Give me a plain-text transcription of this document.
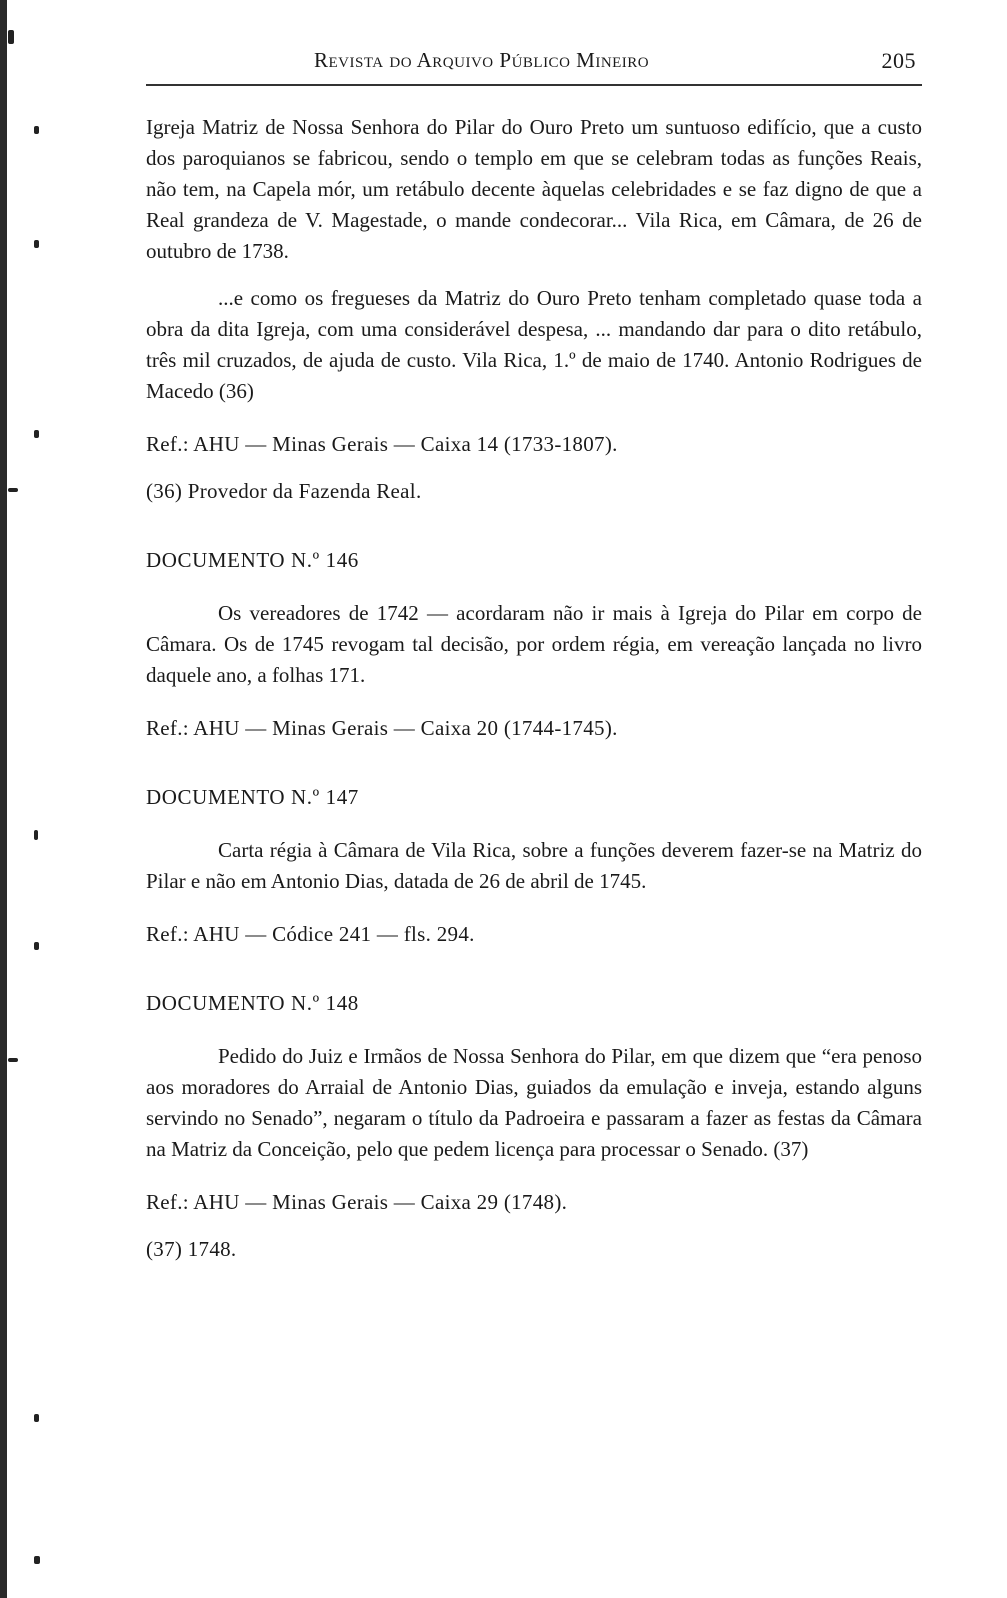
Revista do Arquivo Público Mineiro	205

Igreja Matriz de Nossa Senhora do Pilar do Ouro Preto um suntuoso edifício, que a custo dos paroquianos se fabricou, sendo o templo em que se celebram todas as funções Reais, não tem, na Capela mór, um retábulo decente àquelas celebridades e se faz digno de que a Real grandeza de V. Magestade, o mande condecorar... Vila Rica, em Câmara, de 26 de outubro de 1738.

...e como os fregueses da Matriz do Ouro Preto tenham completado quase toda a obra da dita Igreja, com uma considerável despesa, ... mandando dar para o dito retábulo, três mil cruzados, de ajuda de custo. Vila Rica, 1.º de maio de 1740. Antonio Rodrigues de Macedo (36)

Ref.: AHU — Minas Gerais — Caixa 14 (1733-1807).

(36) Provedor da Fazenda Real.

DOCUMENTO N.º 146

Os vereadores de 1742 — acordaram não ir mais à Igreja do Pilar em corpo de Câmara. Os de 1745 revogam tal decisão, por ordem régia, em vereação lançada no livro daquele ano, a folhas 171.

Ref.: AHU — Minas Gerais — Caixa 20 (1744-1745).

DOCUMENTO N.º 147

Carta régia à Câmara de Vila Rica, sobre a funções deverem fazer-se na Matriz do Pilar e não em Antonio Dias, datada de 26 de abril de 1745.

Ref.: AHU — Códice 241 — fls. 294.

DOCUMENTO N.º 148

Pedido do Juiz e Irmãos de Nossa Senhora do Pilar, em que dizem que “era penoso aos moradores do Arraial de Antonio Dias, guiados da emulação e inveja, estando alguns servindo no Senado”, negaram o título da Padroeira e passaram a fazer as festas da Câmara na Matriz da Conceição, pelo que pedem licença para processar o Senado. (37)

Ref.: AHU — Minas Gerais — Caixa 29 (1748).

(37) 1748.
